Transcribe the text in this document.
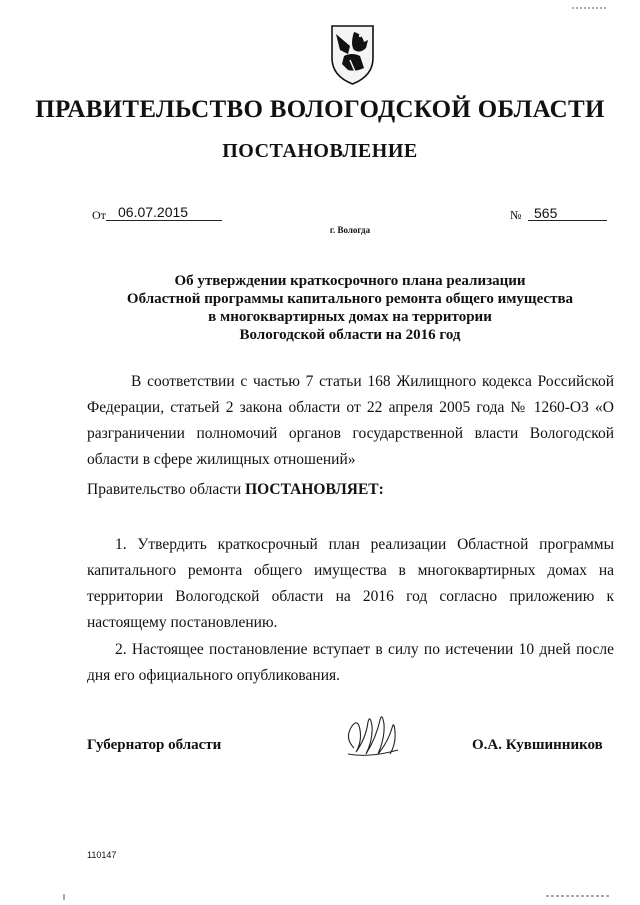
ПРАВИТЕЛЬСТВО ВОЛОГОДСКОЙ ОБЛАСТИ
ПОСТАНОВЛЕНИЕ
От 06.07.2015	№ 565
г. Вологда
Об утверждении краткосрочного плана реализации
Областной программы капитального ремонта общего имущества
в многоквартирных домах на территории
Вологодской области на 2016 год
В соответствии с частью 7 статьи 168 Жилищного кодекса Российской Федерации, статьей 2 закона области от 22 апреля 2005 года № 1260-ОЗ «О разграничении полномочий органов государственной власти Вологодской области в сфере жилищных отношений»
Правительство области ПОСТАНОВЛЯЕТ:
1. Утвердить краткосрочный план реализации Областной программы капитального ремонта общего имущества в многоквартирных домах на территории Вологодской области на 2016 год согласно приложению к настоящему постановлению.
2. Настоящее постановление вступает в силу по истечении 10 дней после дня его официального опубликования.
Губернатор области	О.А. Кувшинников
110147
